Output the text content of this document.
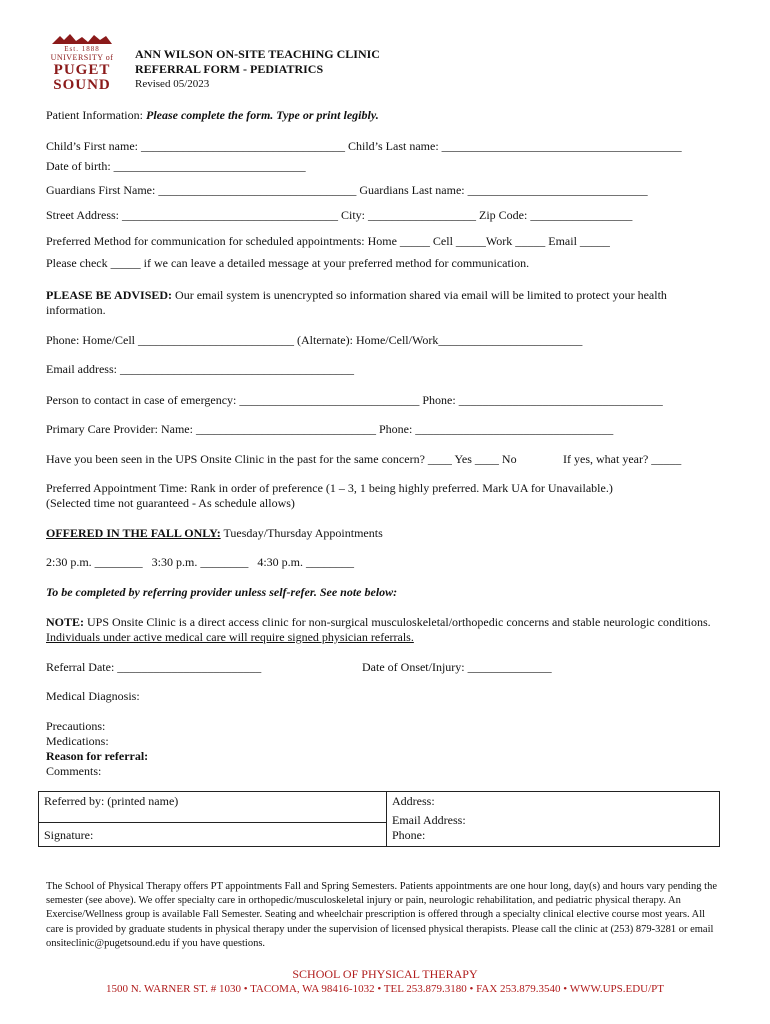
Est. 1888
UNIVERSITY of
PUGET
SOUND
ANN WILSON ON-SITE TEACHING CLINIC
REFERRAL FORM - PEDIATRICS
Revised 05/2023
Patient Information: Please complete the form. Type or print legibly.
Child’s First name: __________________________________ Child’s Last name: ________________________________________
Date of birth: ________________________________
Guardians First Name: _________________________________ Guardians Last name: ______________________________
Street Address: ____________________________________ City: __________________ Zip Code: _________________
Preferred Method for communication for scheduled appointments: Home _____ Cell _____Work _____ Email _____
Please check _____ if we can leave a detailed message at your preferred method for communication.
PLEASE BE ADVISED: Our email system is unencrypted so information shared via email will be limited to protect your health information.
Phone: Home/Cell __________________________ (Alternate): Home/Cell/Work________________________
Email address: _______________________________________
Person to contact in case of emergency: ______________________________ Phone: __________________________________
Primary Care Provider: Name: ______________________________ Phone: _________________________________
Have you been seen in the UPS Onsite Clinic in the past for the same concern? ____ Yes ____ No	If yes, what year? _____
Preferred Appointment Time: Rank in order of preference (1 – 3, 1 being highly preferred. Mark UA for Unavailable.)
(Selected time not guaranteed - As schedule allows)
OFFERED IN THE FALL ONLY: Tuesday/Thursday Appointments
2:30 p.m. ________   3:30 p.m. ________   4:30 p.m. ________
To be completed by referring provider unless self-refer. See note below:
NOTE: UPS Onsite Clinic is a direct access clinic for non-surgical musculoskeletal/orthopedic concerns and stable neurologic conditions. Individuals under active medical care will require signed physician referrals.
Referral Date: ________________________	Date of Onset/Injury: ______________
Medical Diagnosis:
Precautions:
Medications:
Reason for referral:
Comments:
Referred by: (printed name)
Signature:
Address:
Email Address:
Phone:
The School of Physical Therapy offers PT appointments Fall and Spring Semesters. Patients appointments are one hour long, day(s) and hours vary pending the semester (see above). We offer specialty care in orthopedic/musculoskeletal injury or pain, neurologic rehabilitation, and pediatric physical therapy. An Exercise/Wellness group is available Fall Semester. Seating and wheelchair prescription is offered through a specialty clinical elective course most years. All care is provided by graduate students in physical therapy under the supervision of licensed physical therapists. Please call the clinic at (253) 879-3281 or email onsiteclinic@pugetsound.edu if you have questions.
SCHOOL OF PHYSICAL THERAPY
1500 N. WARNER ST. # 1030 • TACOMA, WA 98416-1032 • TEL 253.879.3180 • FAX 253.879.3540 • WWW.UPS.EDU/PT
